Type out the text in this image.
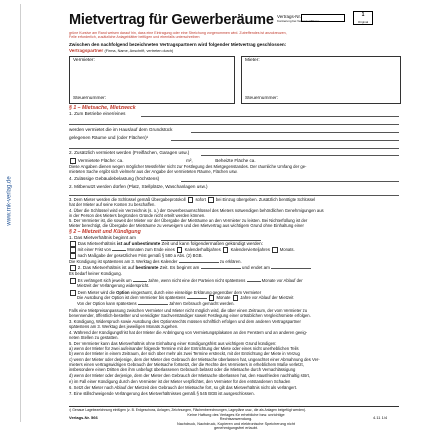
www.rnk-verlag.de
Mietvertrag für Gewerberäume Vertrags-Nr.
Kontierung bei Vermieter/Mieter
1
Original
grüne Kursive am Rand weisen darauf hin, dass eine Eintragung oder eine Streichung vorgenommen wird. Zutreffendes ist anzukreuzen,
Felle erforderlich, zusätzliche Anlageblätter beifügen und ebenfalls unterschreiben
Zwischen den nachfolgend bezeichneten Vertragspartnern wird folgender Mietvertrag geschlossen:
Vertragspartner (Firma, Name, Anschrift, vertreten durch)
Vermieter:
Steuernummer:
Mieter:
Steuernummer:
§ 1 – Mietsache, Mietzweck
1. Zum Betriebe einer/eines
werden vermietet die im Haus/auf dem Grundstück
gelegenen Räume und (oder Flächen)¹
2. Zusätzlich vermietet werden (Freiflächen, Garagen usw.)
Vermietete Fläche: ca.	m²,	Beheizte Fläche ca.
Diese Angaben dienen wegen möglicher Messfehler nicht zur Festlegung des Mietgegenstandes. Der räumliche Umfang der ge-
mieteten Sache ergibt sich vielmehr aus der Angabe der vermieteten Räume, Flächen usw.
4. Zulässige Gebäudebelastung (höchstens)
2. Mitbenutzt werden dürfen (Platz, Stellplätze, Waschanlagen usw.)
3. Dem Mieter werden die Schlüssel gemäß Übergabeprotokoll sofort bei Einzug übergeben. Zusätzlich benötigte Schlüssel
hat der Mieter auf seine Kosten zu beschaffen.
4. Über die Schlüssel wird ein Verzeichnis (s. o.) der Gewerberaumschlüssel des Mieters notwendigen behördlichen Genehmigungen aus
in der Person des Mieters begründen Gründe nicht erteilt werden können.
5. Der Vermieter ist, die soweit der Mieter vor der Übergabe der Mieträume an den Vermieter zu leisten. Bei Nichterfüllung ist der
Mieter berechtigt, die Übergabe der Mieträume zu verweigern und den Mietvertrag aus wichtigem Grund ohne Einhaltung einer
§ 2 – Mietzeit und Kündigung
1. Das Mietverhältnis beginnt am
Das Mietverhältnis ist auf unbestimmte Zeit und kann folgendermaßen gekündigt werden:
mit einer Frist von	Monaten zum Ende eines Kalenderhalbjahres Kalendervierteljahres Monats.
nach Maßgabe der gesetzlichen Frist gemäß § 580 a Abs. (2) BGB.
Die Kündigung ist spätestens am 3. Werktag des Kalender	zu erklären.
2. Das Mietverhältnis ist auf bestimmte Zeit. Es beginnt am	und endet am
Es bedarf keiner Kündigung.
Es verlängert sich jeweils um	Jahre, wenn nicht eine der Parteien nicht spätestens	Monate vor Ablauf der
Mietzeit der Verlängerung widerspricht.
Dem Mieter wird die Option eingeräumt, durch eine einseitige Erklärung gegenüber dem Vermieter
Die Ausübung der Option ist dem Vermieter bis spätestens	Monate Jahre vor Ablauf der Mietzeit
Von der Option kann spätestens	Jahren Gebrauch gemacht werden.
Falls eine Mietpreisanpassung zwischen Vermieter und Mieter nicht möglich wird, die über einen Zeitraum, der vom Vermieter zu
benennender, öffentlich-bestellter und vereidigter Sachverständiger soweit Festlegung einer ortsüblichen Vergleichsmiete erfolgen.
3. Kündigung, Widerspruch sowie Ausübung des Optionsrechts müssen schriftlich erfolgen und dem anderen Vertragspartner
spätestens am 3. Werktag des jeweiligen Monats zugehen.
4. Während der Kündigungsfrist hat der Mieter die Anbringung von Vermietungsplakaten an den Fenstern und an anderen geeig-
neten Stellen zu gestatten.
5. Der Vermieter kann das Mietverhältnis ohne Einhaltung einer Kündigungsfrist aus wichtigem Grund kündigen:
a) wenn der Mieter für zwei aufeinander folgende Termine mit der Entrichtung der Miete oder eines nicht unerheblichen Teils
b) wenn der Mieter in einem Zeitraum, der sich über mehr als zwei Termine erstreckt, mit der Entrichtung der Miete in Verzug
c) wenn der Mieter oder derjenige, dem der Mieter den Gebrauch der Mietsache überlassen hat, ungeachtet einer Abmahnung des Ver-
mieters einen vertragswidrigen Gebrauch der Mietsache fortsetzt, der die Rechte des Vermieters in erheblichem Maße verletzt,
insbesondere einen Dritten den ihm unbefugt überlassenen Gebrauch belässt oder die Mietsache durch Vernachlässigung
d) wenn der Mieter oder derjenige, dem der Mieter den Gebrauch der Mietsache überlassen hat, den Hausfrieden nachhaltig stört,
e) im Fall einer Kündigung durch den Vermieter ist der Mieter verpflichtet, den Vermieter für den entstandenen Schaden
6. Setzt der Mieter nach Ablauf der Mietzeit den Gebrauch der Mietsache fort, so gilt das Mietverhältnis nicht als verlängert.
7. Eine stillschweigende Verlängerung des Mietverhältnisses gemäß § 545 BGB ist ausgeschlossen.
¹) Genaue Lagebezeichnung einfügen (z. B. Erdgeschoss, Anlagen, Zeichnungen, Flächenberechnungen, Lagepläne usw., die als Anlagen beigefügt werden).
Verlags-Nr. 566	Keine Haftung des Verlages für erhebliche bzw. unrichtige Rechtsanwendung.
Nachdruck, Nachdruck, Kopieren und elektronische Speicherung nicht genehmigungsfrei erlaubt.
4.11 1/4
